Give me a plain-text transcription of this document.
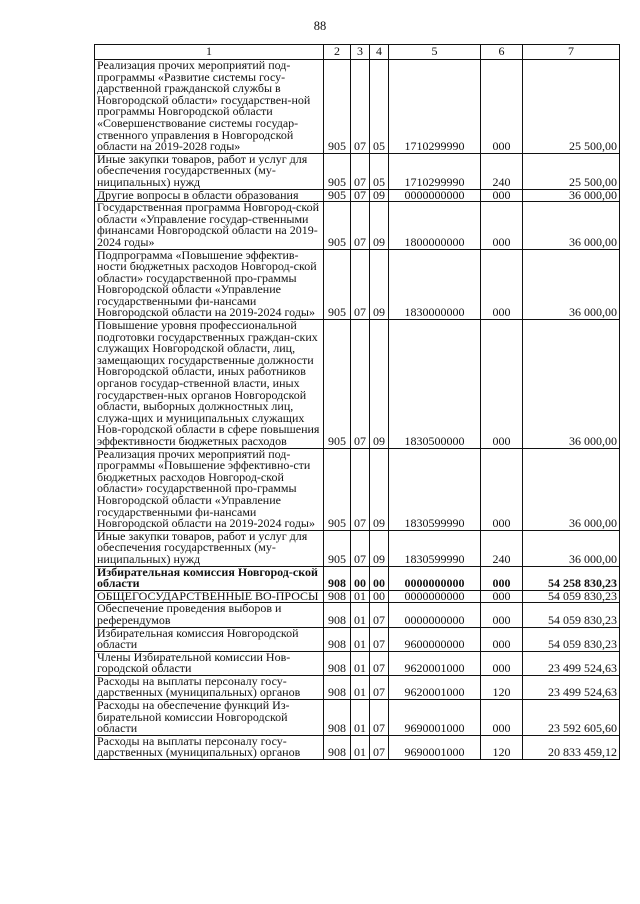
88
1	2	3	4	5	6	7
Реализация прочих мероприятий под-программы «Развитие системы госу-дарственной гражданской службы в Новгородской области» государствен-ной программы Новгородской области «Совершенствование системы государ-ственного управления в Новгородской области на 2019-2028 годы»	905	07	05	1710299990	000	25 500,00
Иные закупки товаров, работ и услуг для обеспечения государственных (му-ниципальных) нужд	905	07	05	1710299990	240	25 500,00
Другие вопросы в области образования	905	07	09	0000000000	000	36 000,00
Государственная программа Новгород-ской области «Управление государ-ственными финансами Новгородской области на 2019-2024 годы»	905	07	09	1800000000	000	36 000,00
Подпрограмма «Повышение эффектив-ности бюджетных расходов Новгород-ской области» государственной про-граммы Новгородской области «Управление государственными фи-нансами Новгородской области на 2019-2024 годы»	905	07	09	1830000000	000	36 000,00
Повышение уровня профессиональной подготовки государственных граждан-ских служащих Новгородской области, лиц, замещающих государственные должности Новгородской области, иных работников органов государ-ственной власти, иных государствен-ных органов Новгородской области, выборных должностных лиц, служа-щих и муниципальных служащих Нов-городской области в сфере повышения эффективности бюджетных расходов	905	07	09	1830500000	000	36 000,00
Реализация прочих мероприятий под-программы «Повышение эффективно-сти бюджетных расходов Новгород-ской области» государственной про-граммы Новгородской области «Управление государственными фи-нансами Новгородской области на 2019-2024 годы»	905	07	09	1830599990	000	36 000,00
Иные закупки товаров, работ и услуг для обеспечения государственных (му-ниципальных) нужд	905	07	09	1830599990	240	36 000,00
Избирательная комиссия Новгород-ской области	908	00	00	0000000000	000	54 258 830,23
ОБЩЕГОСУДАРСТВЕННЫЕ ВО-ПРОСЫ	908	01	00	0000000000	000	54 059 830,23
Обеспечение проведения выборов и референдумов	908	01	07	0000000000	000	54 059 830,23
Избирательная комиссия Новгородской области	908	01	07	9600000000	000	54 059 830,23
Члены Избирательной комиссии Нов-городской области	908	01	07	9620001000	000	23 499 524,63
Расходы на выплаты персоналу госу-дарственных (муниципальных) органов	908	01	07	9620001000	120	23 499 524,63
Расходы на обеспечение функций Из-бирательной комиссии Новгородской области	908	01	07	9690001000	000	23 592 605,60
Расходы на выплаты персоналу госу-дарственных (муниципальных) органов	908	01	07	9690001000	120	20 833 459,12
